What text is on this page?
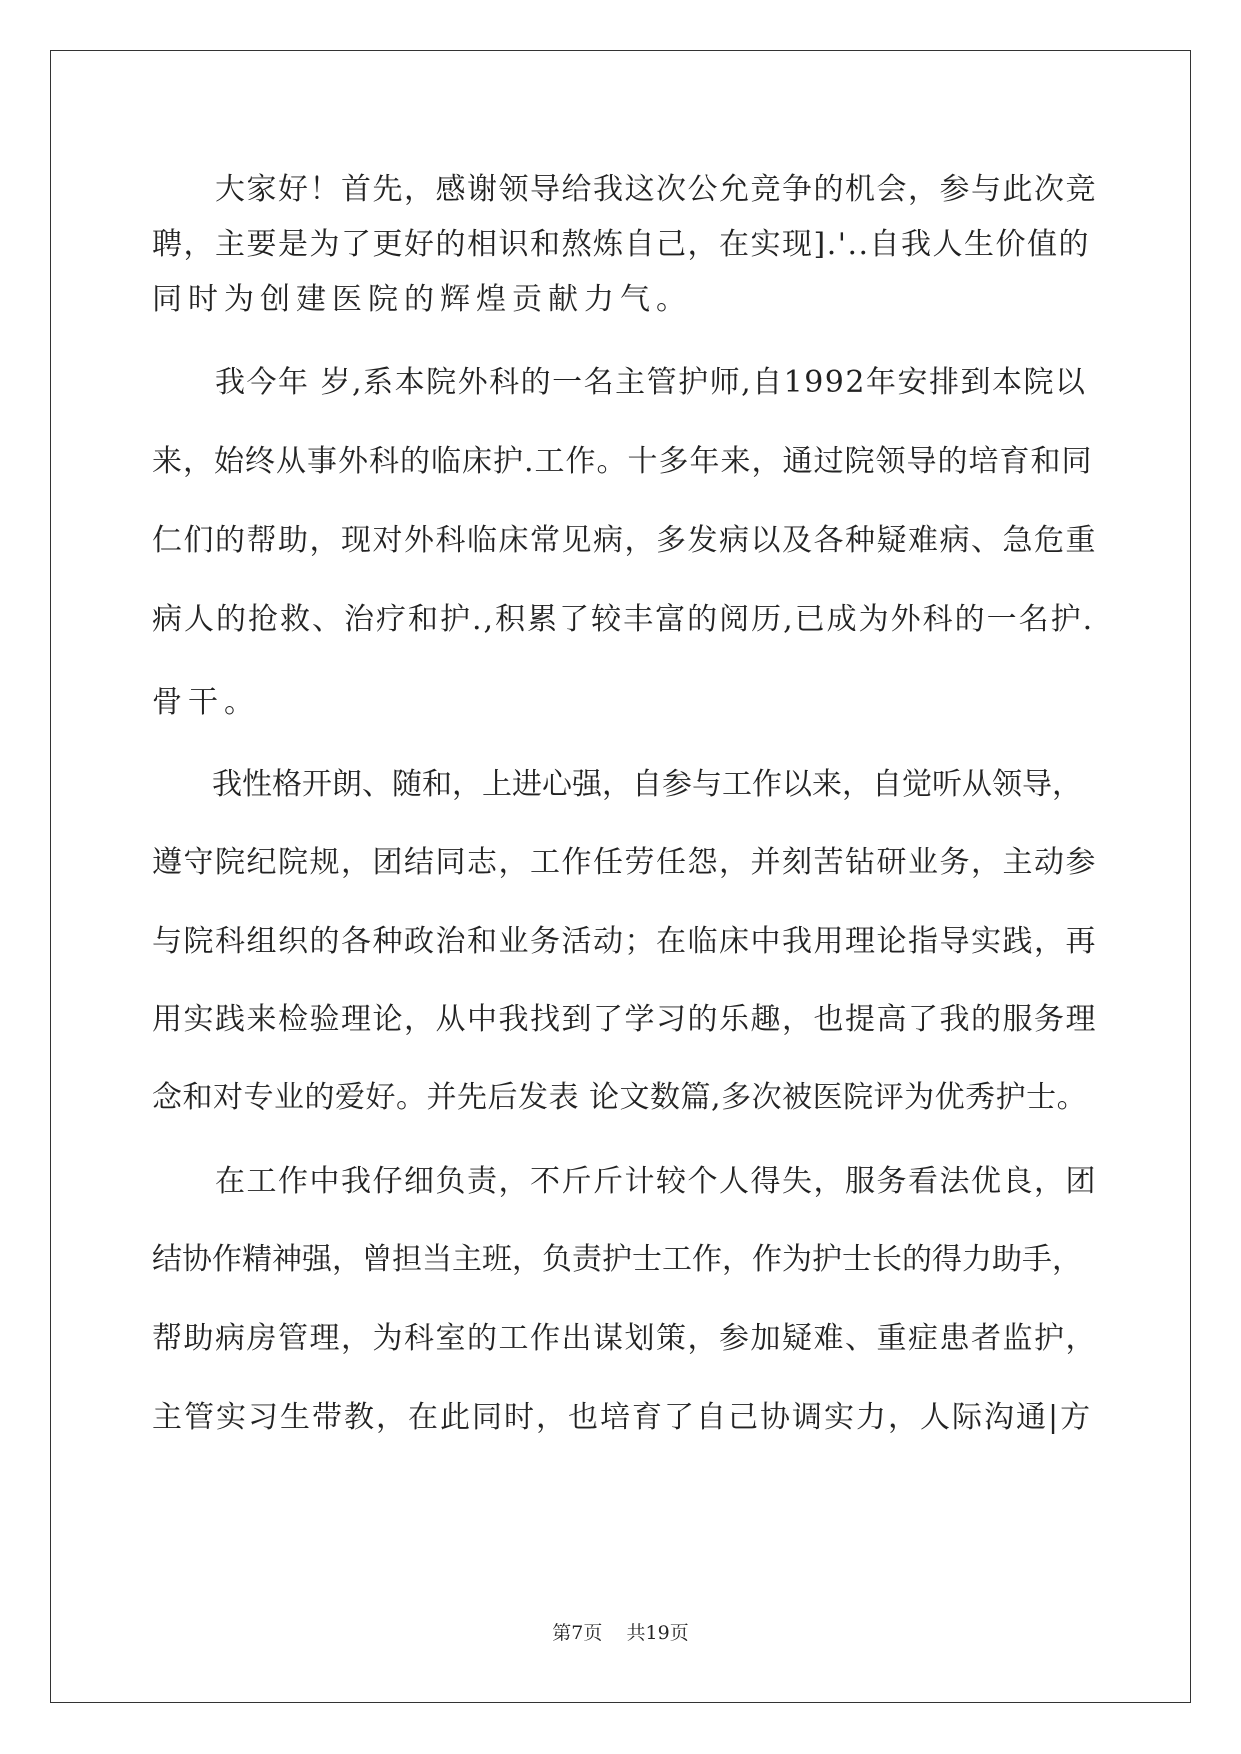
　　大家好！首先，感谢领导给我这次公允竞争的机会，参与此次竞
聘，主要是为了更好的相识和熬炼自己，在实现].'..自我人生价值的
同时为创建医院的辉煌贡献力气。
　　我今年 岁,系本院外科的一名主管护师,自1992年安排到本院以
来，始终从事外科的临床护.工作。十多年来，通过院领导的培育和同
仁们的帮助，现对外科临床常见病，多发病以及各种疑难病、急危重
病人的抢救、治疗和护.,积累了较丰富的阅历,已成为外科的一名护.
骨干。
　　我性格开朗、随和，上进心强，自参与工作以来，自觉听从领导，
遵守院纪院规，团结同志，工作任劳任怨，并刻苦钻研业务，主动参
与院科组织的各种政治和业务活动；在临床中我用理论指导实践，再
用实践来检验理论，从中我找到了学习的乐趣，也提高了我的服务理
念和对专业的爱好。并先后发表 论文数篇,多次被医院评为优秀护士。
　　在工作中我仔细负责，不斤斤计较个人得失，服务看法优良，团
结协作精神强，曾担当主班，负责护士工作，作为护士长的得力助手，
帮助病房管理，为科室的工作出谋划策，参加疑难、重症患者监护，
主管实习生带教，在此同时，也培育了自己协调实力，人际沟通|方
第7页 共19页
